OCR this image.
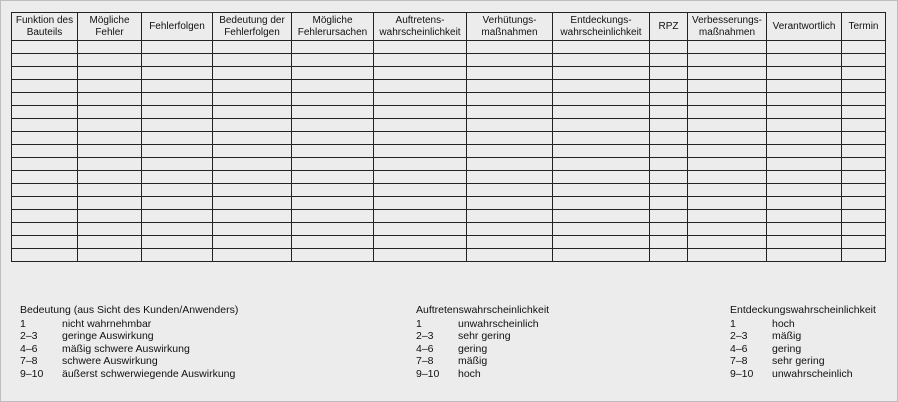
Funktion des Bauteils	Mögliche Fehler	Fehlerfolgen	Bedeutung der Fehlerfolgen	Mögliche Fehlerursachen	Auftretens-wahrscheinlichkeit	Verhütungs-maßnahmen	Entdeckungs-wahrscheinlichkeit	RPZ	Verbesserungs-maßnahmen	Verantwortlich	Termin

Bedeutung (aus Sicht des Kunden/Anwenders)
1	nicht wahrnehmbar
2–3	geringe Auswirkung
4–6	mäßig schwere Auswirkung
7–8	schwere Auswirkung
9–10	äußerst schwerwiegende Auswirkung
Auftretenswahrscheinlichkeit
1	unwahrscheinlich
2–3	sehr gering
4–6	gering
7–8	mäßig
9–10	hoch
Entdeckungswahrscheinlichkeit
1	hoch
2–3	mäßig
4–6	gering
7–8	sehr gering
9–10	unwahrscheinlich
